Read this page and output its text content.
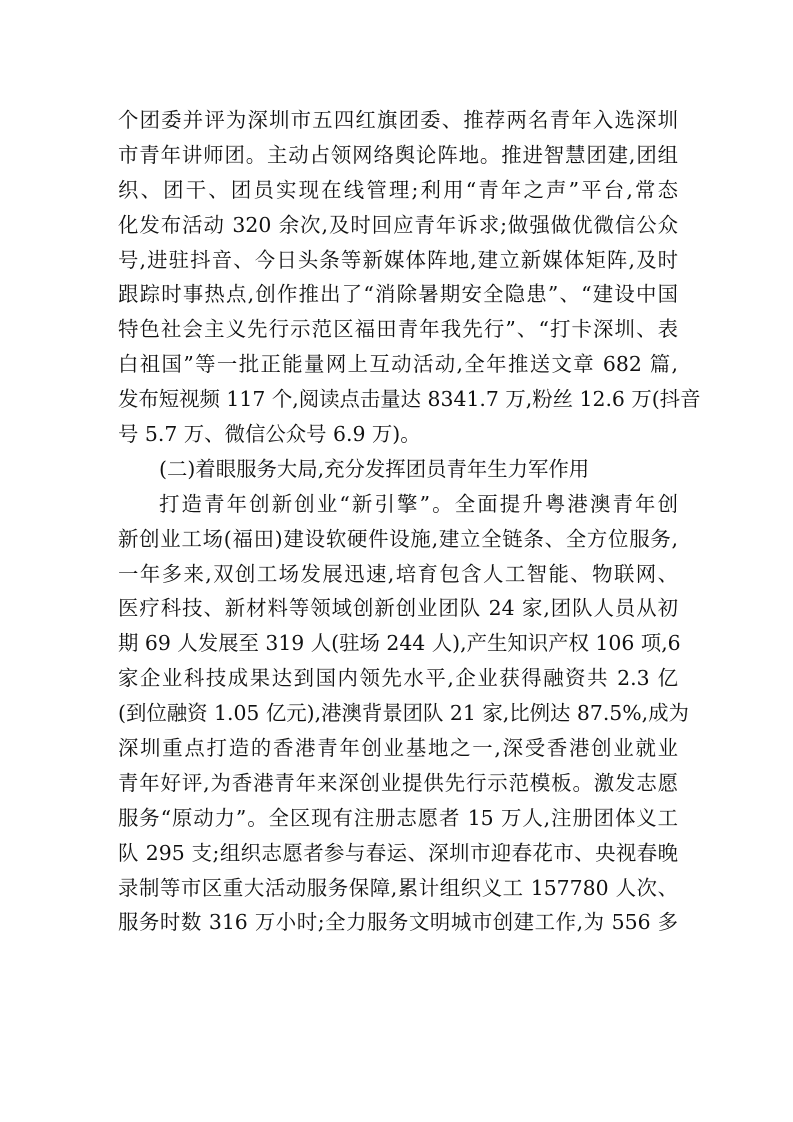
个团委并评为深圳市五四红旗团委、推荐两名青年入选深圳
市青年讲师团。主动占领网络舆论阵地。推进智慧团建,团组
织、团干、团员实现在线管理;利用“青年之声”平台,常态
化发布活动 320 余次,及时回应青年诉求;做强做优微信公众
号,进驻抖音、今日头条等新媒体阵地,建立新媒体矩阵,及时
跟踪时事热点,创作推出了“消除暑期安全隐患”、“建设中国
特色社会主义先行示范区福田青年我先行”、“打卡深圳、表
白祖国”等一批正能量网上互动活动,全年推送文章 682 篇,
发布短视频 117 个,阅读点击量达 8341.7 万,粉丝 12.6 万(抖音
号 5.7 万、微信公众号 6.9 万)。
(二)着眼服务大局,充分发挥团员青年生力军作用
打造青年创新创业“新引擎”。全面提升粤港澳青年创
新创业工场(福田)建设软硬件设施,建立全链条、全方位服务,
一年多来,双创工场发展迅速,培育包含人工智能、物联网、
医疗科技、新材料等领域创新创业团队 24 家,团队人员从初
期 69 人发展至 319 人(驻场 244 人),产生知识产权 106 项,6
家企业科技成果达到国内领先水平,企业获得融资共 2.3 亿
(到位融资 1.05 亿元),港澳背景团队 21 家,比例达 87.5%,成为
深圳重点打造的香港青年创业基地之一,深受香港创业就业
青年好评,为香港青年来深创业提供先行示范模板。激发志愿
服务“原动力”。全区现有注册志愿者 15 万人,注册团体义工
队 295 支;组织志愿者参与春运、深圳市迎春花市、央视春晚
录制等市区重大活动服务保障,累计组织义工 157780 人次、
服务时数 316 万小时;全力服务文明城市创建工作,为 556 多
